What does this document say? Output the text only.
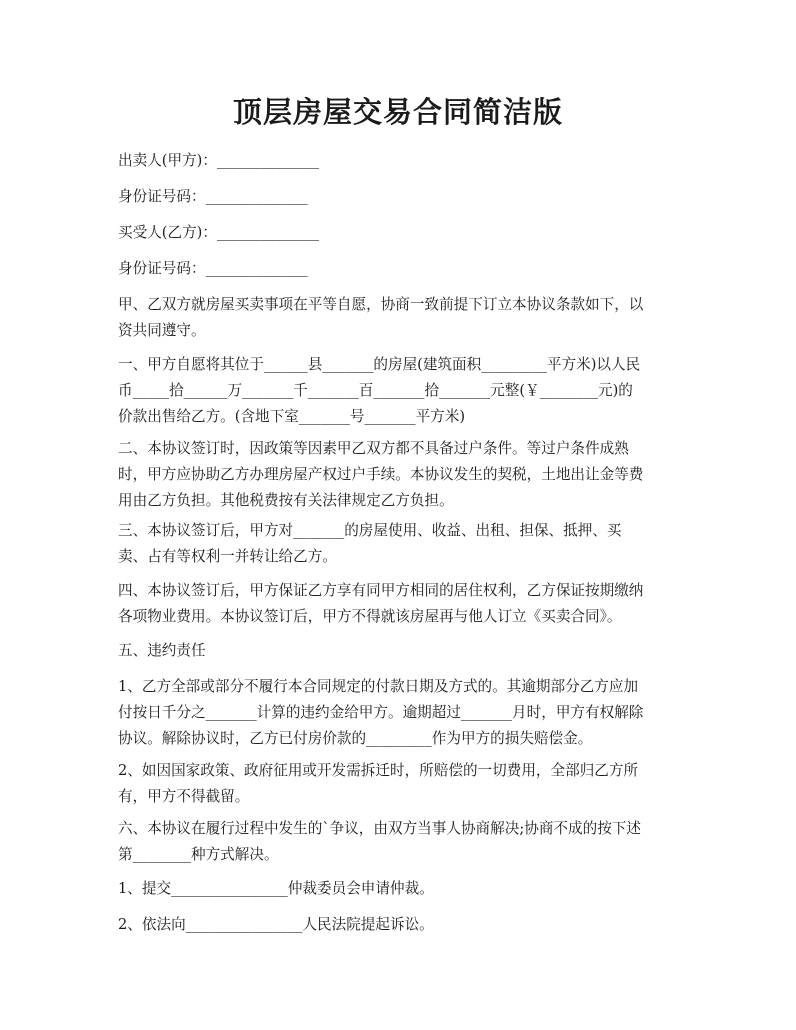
顶层房屋交易合同简洁版

出卖人(甲方)：______________

身份证号码：______________

买受人(乙方)：______________

身份证号码：______________

甲、乙双方就房屋买卖事项在平等自愿，协商一致前提下订立本协议条款如下，以
资共同遵守。

一、甲方自愿将其位于______县_______的房屋(建筑面积_________平方米)以人民
币_____拾______万_______千_______百_______拾_______元整(￥________元)的
价款出售给乙方。(含地下室_______号_______平方米)

二、本协议签订时，因政策等因素甲乙双方都不具备过户条件。等过户条件成熟
时，甲方应协助乙方办理房屋产权过户手续。本协议发生的契税，土地出让金等费
用由乙方负担。其他税费按有关法律规定乙方负担。

三、本协议签订后，甲方对_______的房屋使用、收益、出租、担保、抵押、买
卖、占有等权利一并转让给乙方。

四、本协议签订后，甲方保证乙方享有同甲方相同的居住权利，乙方保证按期缴纳
各项物业费用。本协议签订后，甲方不得就该房屋再与他人订立《买卖合同》。

五、违约责任

1、乙方全部或部分不履行本合同规定的付款日期及方式的。其逾期部分乙方应加
付按日千分之_______计算的违约金给甲方。逾期超过_______月时，甲方有权解除
协议。解除协议时，乙方已付房价款的_________作为甲方的损失赔偿金。

2、如因国家政策、政府征用或开发需拆迁时，所赔偿的一切费用，全部归乙方所
有，甲方不得截留。

六、本协议在履行过程中发生的`争议，由双方当事人协商解决;协商不成的按下述
第________种方式解决。

1、提交________________仲裁委员会申请仲裁。

2、依法向________________人民法院提起诉讼。
